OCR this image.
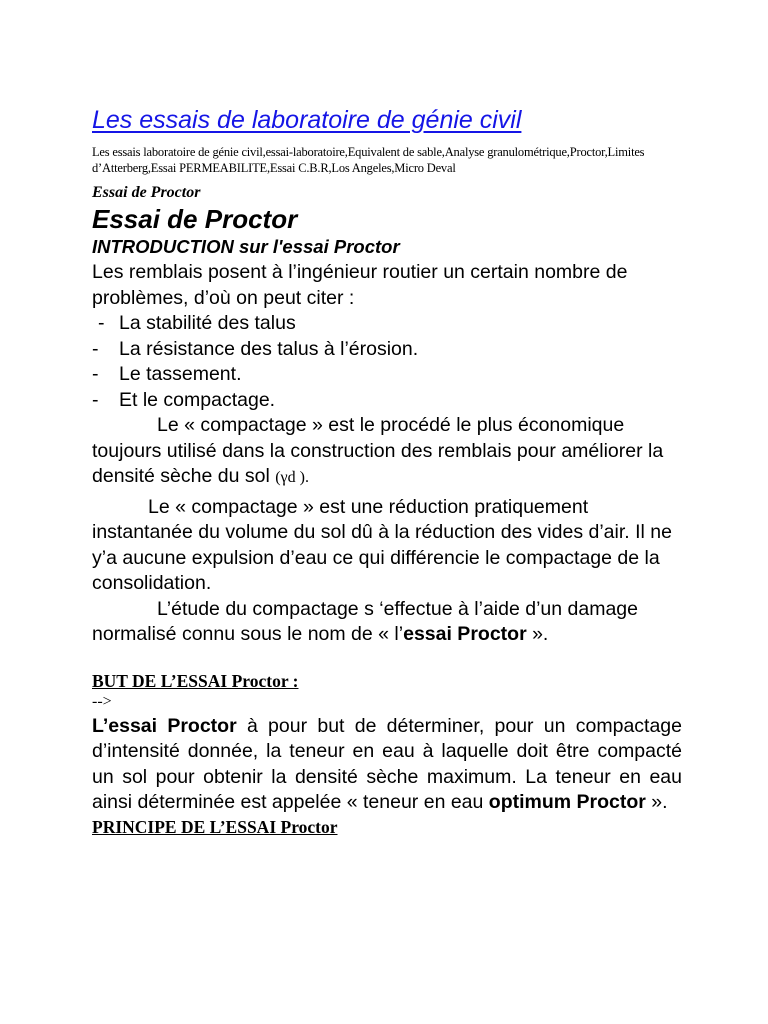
Les essais de laboratoire de génie civil

Les essais laboratoire de génie civil,essai-laboratoire,Equivalent de sable,Analyse granulométrique,Proctor,Limites d’Atterberg,Essai PERMEABILITE,Essai C.B.R,Los Angeles,Micro Deval

Essai de Proctor

Essai de Proctor
INTRODUCTION sur l'essai Proctor

Les remblais posent à l’ingénieur routier un certain nombre de problèmes, d’où on peut citer :

- La stabilité des talus
- La résistance des talus à l’érosion.
- Le tassement.
- Et le compactage.

Le « compactage » est le procédé le plus économique toujours utilisé dans la construction des remblais pour améliorer la densité sèche du sol (γd ).

Le « compactage » est une réduction pratiquement instantanée du volume du sol dû à la réduction des vides d’air. Il ne y’a aucune expulsion d’eau ce qui différencie le compactage de la consolidation.

L’étude du compactage s ‘effectue à l’aide d’un damage normalisé connu sous le nom de « l’essai Proctor ».

BUT DE L’ESSAI Proctor :

-->

L’essai Proctor à pour but de déterminer, pour un compactage d’intensité donnée, la teneur en eau à laquelle doit être compacté un sol pour obtenir la densité sèche maximum. La teneur en eau ainsi déterminée est appelée « teneur en eau optimum Proctor ».

PRINCIPE DE L’ESSAI Proctor
